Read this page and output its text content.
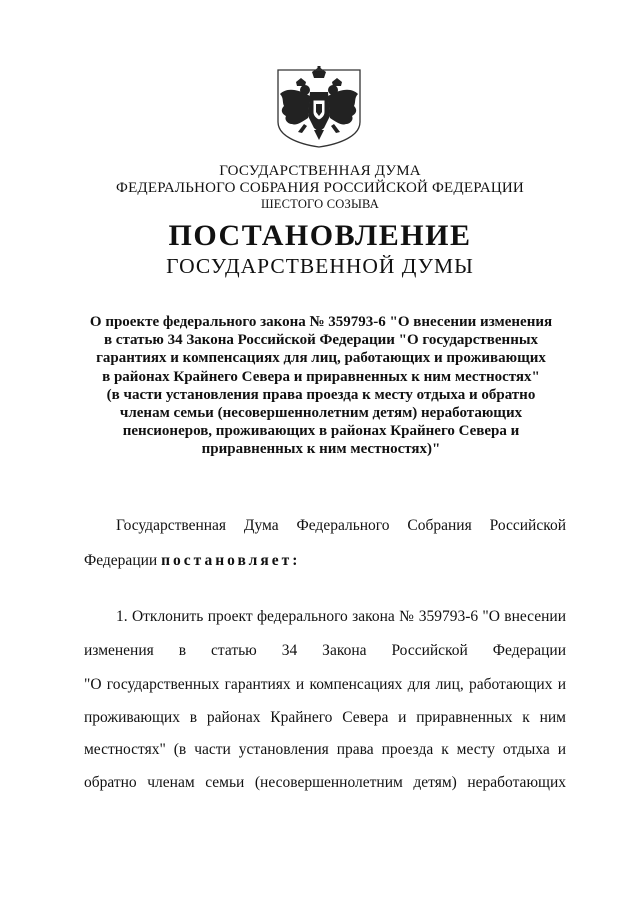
ГОСУДАРСТВЕННАЯ ДУМА
ФЕДЕРАЛЬНОГО СОБРАНИЯ РОССИЙСКОЙ ФЕДЕРАЦИИ
ШЕСТОГО СОЗЫВА
ПОСТАНОВЛЕНИЕ
ГОСУДАРСТВЕННОЙ ДУМЫ
О проекте федерального закона № 359793-6 "О внесении изменения
в статью 34 Закона Российской Федерации "О государственных
гарантиях и компенсациях для лиц, работающих и проживающих
в районах Крайнего Севера и приравненных к ним местностях"
(в части установления права проезда к месту отдыха и обратно
членам семьи (несовершеннолетним детям) неработающих
пенсионеров, проживающих в районах Крайнего Севера и
приравненных к ним местностях)"
Государственная Дума Федерального Собрания Российской
Федерации постановляет:
1. Отклонить проект федерального закона № 359793-6 "О внесении
изменения в статью 34 Закона Российской Федерации
"О государственных гарантиях и компенсациях для лиц, работающих и
проживающих в районах Крайнего Севера и приравненных к ним
местностях" (в части установления права проезда к месту отдыха и
обратно членам семьи (несовершеннолетним детям) неработающих
